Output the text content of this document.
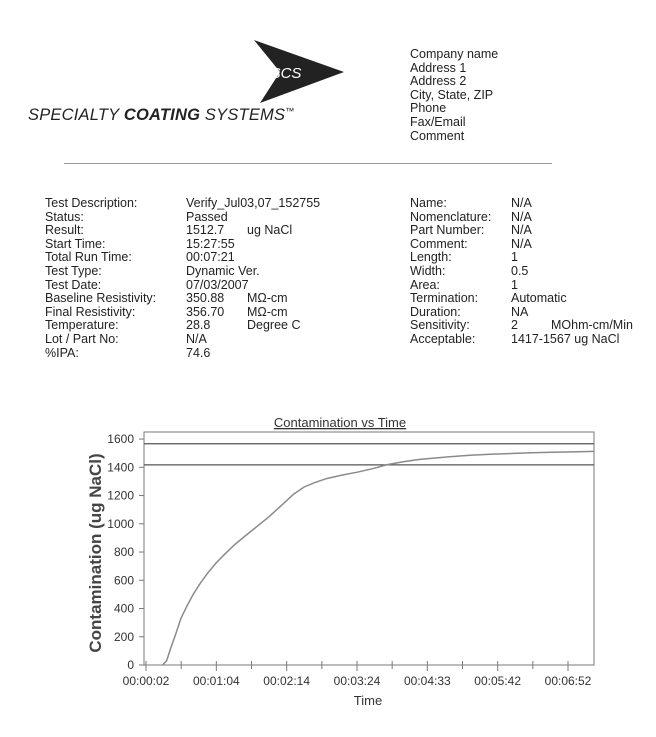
SCS
SPECIALTY COATING SYSTEMS™
Company name
Address 1
Address 2
City, State, ZIP
Phone
Fax/Email
Comment
Test Description:	Verify_Jul03,07_152755
Status:	Passed
Result:	1512.7 ug NaCl
Start Time:	15:27:55
Total Run Time:	00:07:21
Test Type:	Dynamic Ver.
Test Date:	07/03/2007
Baseline Resistivity: 350.88 MΩ-cm
Final Resistivity:	356.70 MΩ-cm
Temperature:	28.8	Degree C
Lot / Part No:	N/A
%IPA:	74.6
Name:	N/A
Nomenclature: N/A
Part Number: N/A
Comment:	N/A
Length:	1
Width:	0.5
Area:	1
Termination:	Automatic
Duration:	NA
Sensitivity:	2	MOhm-cm/Min
Acceptable:	1417-1567 ug NaCl
Contamination vs Time
Contamination (ug NaCl)
Time
0
200
400
600
800
1000
1200
1400
1600
00:00:02 00:01:04 00:02:14 00:03:24 00:04:33 00:05:42 00:06:52
